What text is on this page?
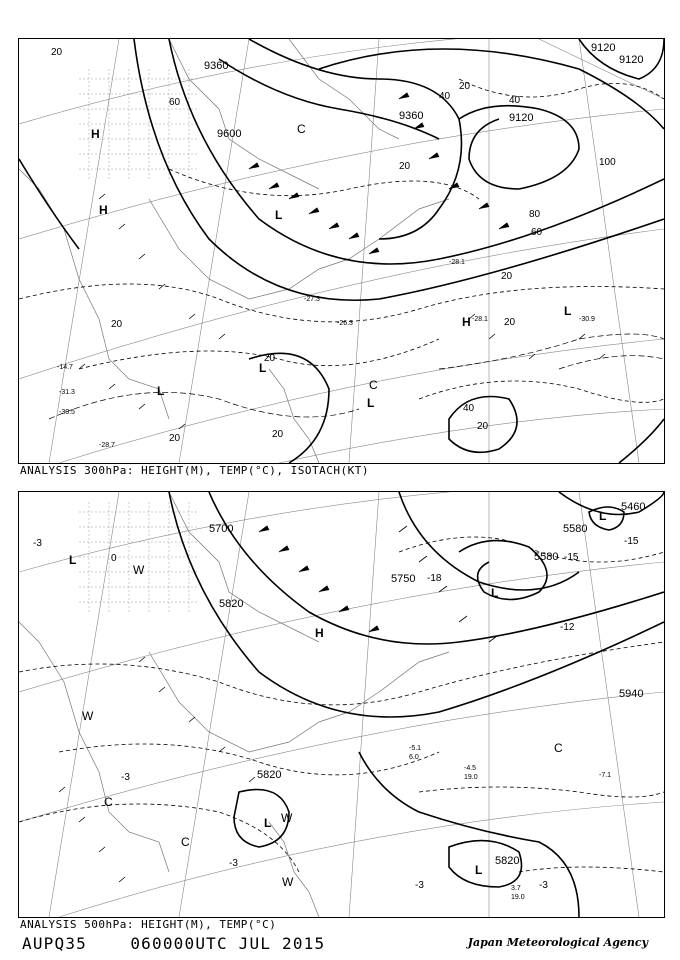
9360
9600
9360	9120
9120
9120
H
H	L
L
L
L
L
H
C
C
20
60	40
100
80
60
20
20
20
20
40
20
20	20
20
40
20
-27.3
-26.3
-28.1
-30.9
-28.7
-30.5
-31.3
-14.7
-28.1
ANALYSIS 300hPa: HEIGHT(M), TEMP(°C), ISOTACH(KT)
5700
5820
5750
5580
5580
5460
5940
5820
5820
L
L
L
L
L
W
W
W
W
C
C
C
H
-3
0
-18
-15
-15
-12
-3
-3
-3	-3
-4.5
19.0	-7.1
3.7
19.0
-5.1
6.0
ANALYSIS 500hPa: HEIGHT(M), TEMP(°C)
AUPQ35	060000UTC JUL 2015	Japan Meteorological Agency
